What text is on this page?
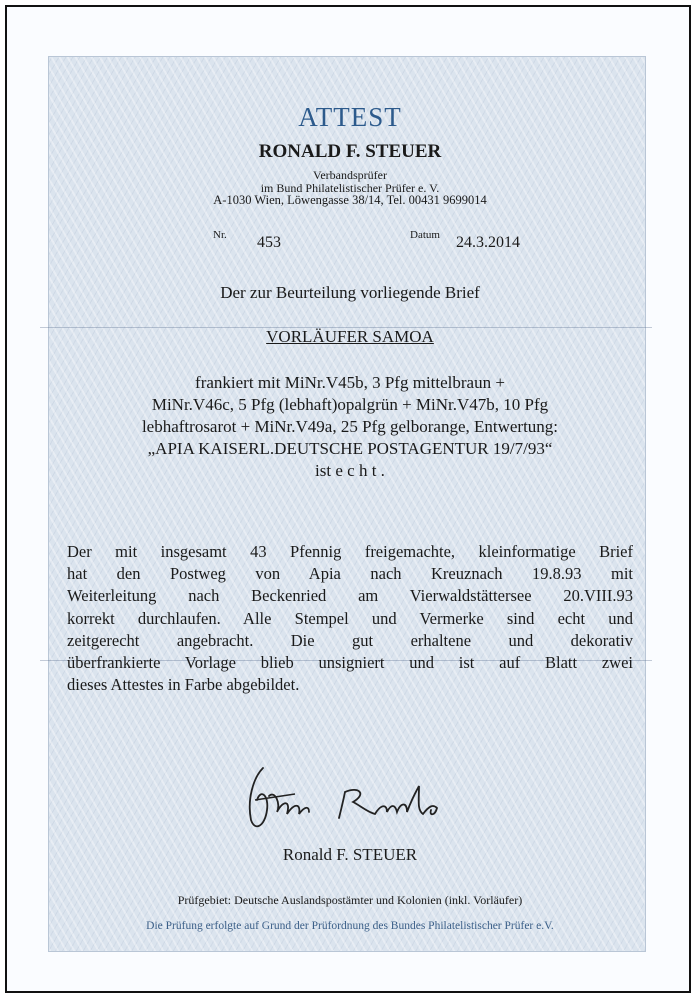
ATTEST
RONALD F. STEUER
Verbandsprüfer
im Bund Philatelistischer Prüfer e. V.
A-1030 Wien, Löwengasse 38/14, Tel. 00431 9699014
Nr. 453	Datum 24.3.2014
Der zur Beurteilung vorliegende Brief
VORLÄUFER SAMOA
frankiert mit MiNr.V45b, 3 Pfg mittelbraun +
MiNr.V46c, 5 Pfg (lebhaft)opalgrün + MiNr.V47b, 10 Pfg
lebhaftrosarot + MiNr.V49a, 25 Pfg gelborange, Entwertung:
„APIA KAISERL.DEUTSCHE POSTAGENTUR 19/7/93“
ist e c h t .
Der mit insgesamt 43 Pfennig freigemachte, kleinformatige Brief
hat den Postweg von Apia nach Kreuznach 19.8.93 mit
Weiterleitung nach Beckenried am Vierwaldstättersee 20.VIII.93
korrekt durchlaufen. Alle Stempel und Vermerke sind echt und
zeitgerecht angebracht. Die gut erhaltene und dekorativ
überfrankierte Vorlage blieb unsigniert und ist auf Blatt zwei
dieses Attestes in Farbe abgebildet.
Ronald F. STEUER
Prüfgebiet: Deutsche Auslandspostämter und Kolonien (inkl. Vorläufer)
Die Prüfung erfolgte auf Grund der Prüfordnung des Bundes Philatelistischer Prüfer e.V.
